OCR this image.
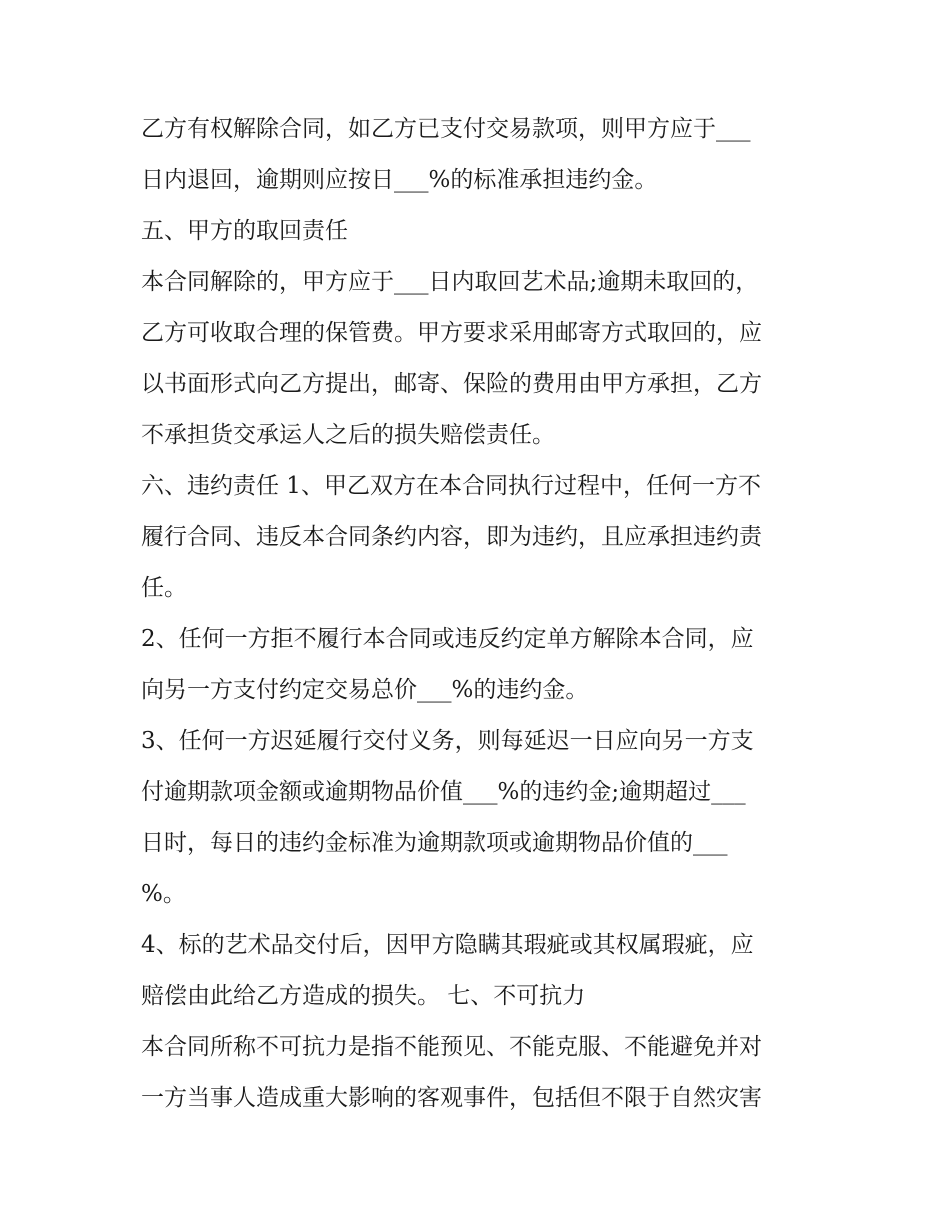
乙方有权解除合同，如乙方已支付交易款项，则甲方应于___
日内退回，逾期则应按日___%的标准承担违约金。
五、甲方的取回责任
本合同解除的，甲方应于___日内取回艺术品;逾期未取回的，
乙方可收取合理的保管费。甲方要求采用邮寄方式取回的，应
以书面形式向乙方提出，邮寄、保险的费用由甲方承担，乙方
不承担货交承运人之后的损失赔偿责任。
六、违约责任 1、甲乙双方在本合同执行过程中，任何一方不
履行合同、违反本合同条约内容，即为违约，且应承担违约责
任。
2、任何一方拒不履行本合同或违反约定单方解除本合同，应
向另一方支付约定交易总价___%的违约金。
3、任何一方迟延履行交付义务，则每延迟一日应向另一方支
付逾期款项金额或逾期物品价值___%的违约金;逾期超过___
日时，每日的违约金标准为逾期款项或逾期物品价值的___
%。
4、标的艺术品交付后，因甲方隐瞒其瑕疵或其权属瑕疵，应
赔偿由此给乙方造成的损失。 七、不可抗力
本合同所称不可抗力是指不能预见、不能克服、不能避免并对
一方当事人造成重大影响的客观事件，包括但不限于自然灾害
